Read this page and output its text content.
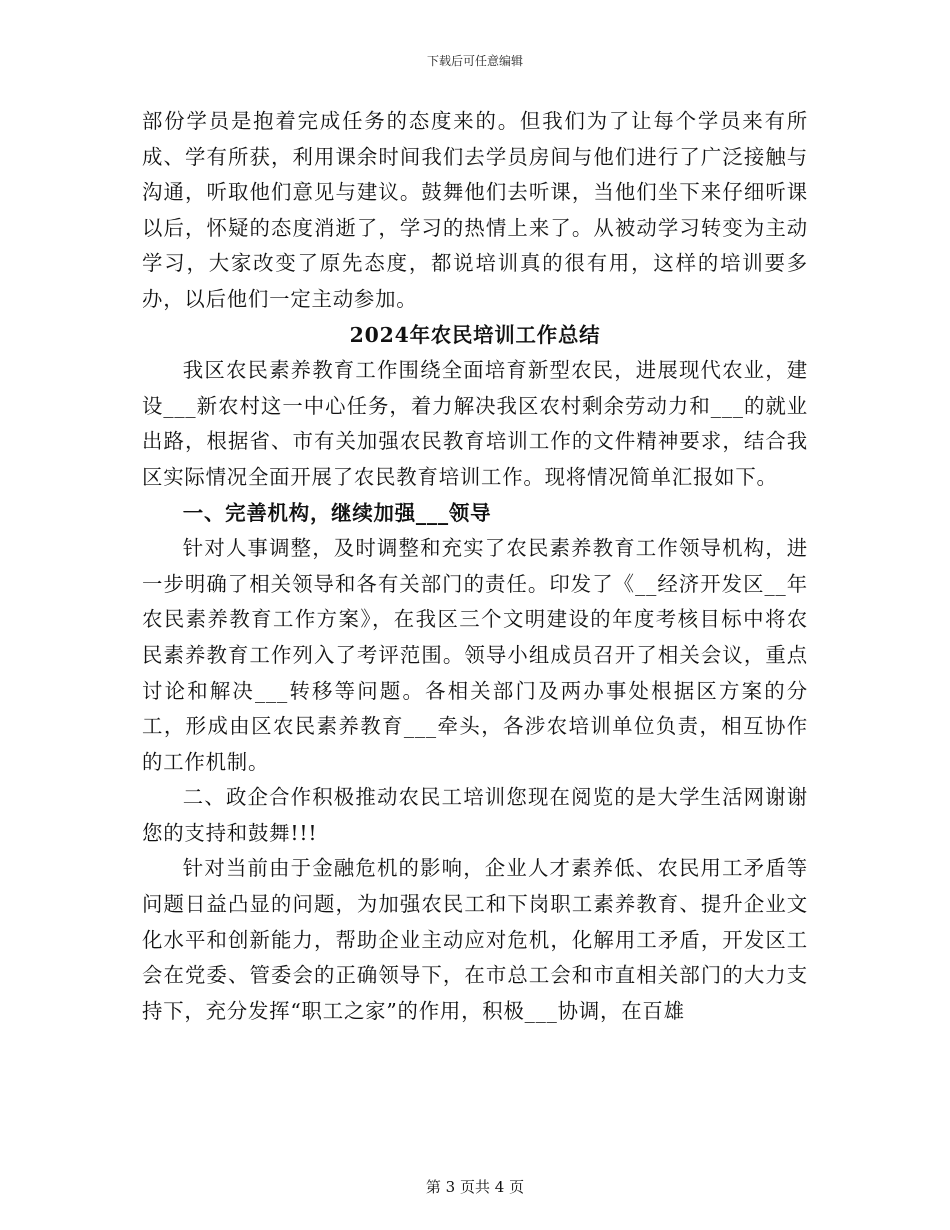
下载后可任意编辑

部份学员是抱着完成任务的态度来的。但我们为了让每个学员来有所成、学有所获，利用课余时间我们去学员房间与他们进行了广泛接触与沟通，听取他们意见与建议。鼓舞他们去听课，当他们坐下来仔细听课以后，怀疑的态度消逝了，学习的热情上来了。从被动学习转变为主动学习，大家改变了原先态度，都说培训真的很有用，这样的培训要多办，以后他们一定主动参加。

2024年农民培训工作总结

我区农民素养教育工作围绕全面培育新型农民，进展现代农业，建设___新农村这一中心任务，着力解决我区农村剩余劳动力和___的就业出路，根据省、市有关加强农民教育培训工作的文件精神要求，结合我区实际情况全面开展了农民教育培训工作。现将情况简单汇报如下。

一、完善机构，继续加强___领导

针对人事调整，及时调整和充实了农民素养教育工作领导机构，进一步明确了相关领导和各有关部门的责任。印发了《__经济开发区__年农民素养教育工作方案》，在我区三个文明建设的年度考核目标中将农民素养教育工作列入了考评范围。领导小组成员召开了相关会议，重点讨论和解决___转移等问题。各相关部门及两办事处根据区方案的分工，形成由区农民素养教育___牵头，各涉农培训单位负责，相互协作的工作机制。

二、政企合作积极推动农民工培训您现在阅览的是大学生活网谢谢您的支持和鼓舞!!!

针对当前由于金融危机的影响，企业人才素养低、农民用工矛盾等问题日益凸显的问题，为加强农民工和下岗职工素养教育、提升企业文化水平和创新能力，帮助企业主动应对危机，化解用工矛盾，开发区工会在党委、管委会的正确领导下，在市总工会和市直相关部门的大力支持下，充分发挥“职工之家”的作用，积极___协调，在百雄

第 3 页共 4 页
